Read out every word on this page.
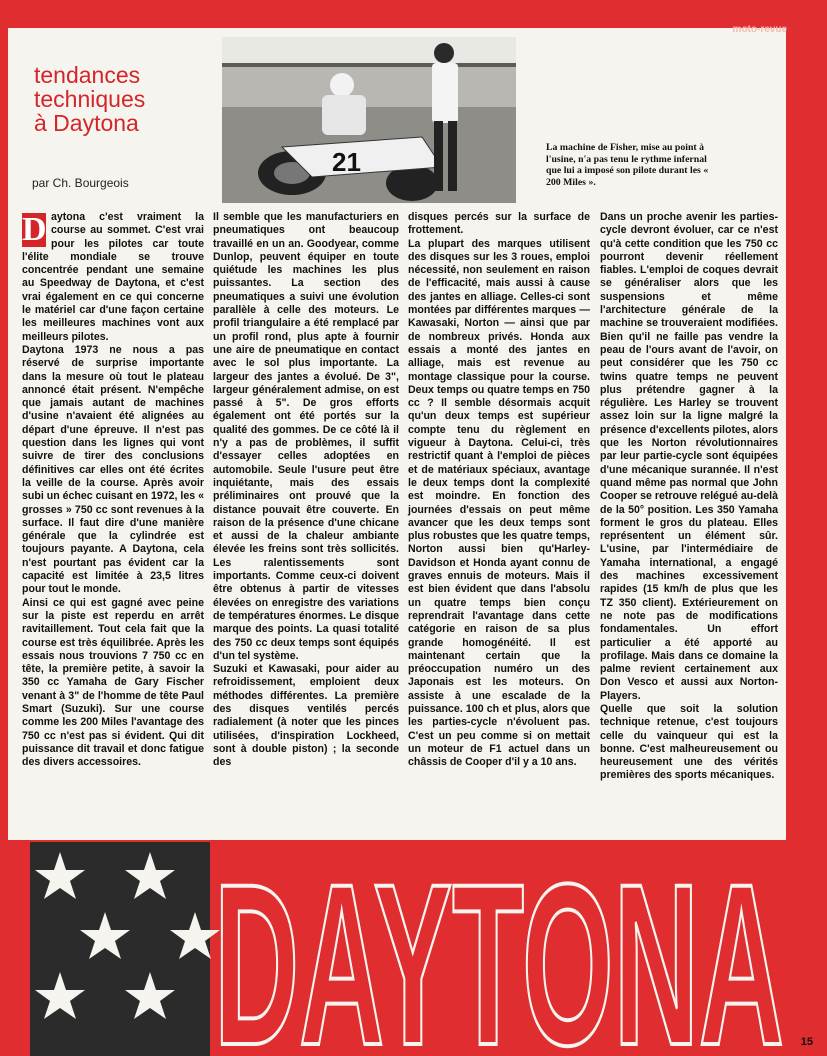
tendances
techniques
à Daytona
par Ch. Bourgeois
21	La machine de Fisher, mise au point à l'usine, n'a pas tenu le rythme infernal que lui a imposé son pilote durant les « 200 Miles ».

D aytona c'est vraiment la course au sommet. C'est vrai pour les pilotes car toute l'élite mondiale se trouve concentrée pendant une semaine au Speedway de Daytona, et c'est vrai également en ce qui concerne le matériel car d'une façon certaine les meilleures machines vont aux meilleurs pilotes.

Daytona 1973 ne nous a pas réservé de surprise importante dans la mesure où tout le plateau annoncé était présent. N'empêche que jamais autant de machines d'usine n'avaient été alignées au départ d'une épreuve. Il n'est pas question dans les lignes qui vont suivre de tirer des conclusions définitives car elles ont été écrites la veille de la course. Après avoir subi un échec cuisant en 1972, les « grosses » 750 cc sont revenues à la surface. Il faut dire d'une manière générale que la cylindrée est toujours payante. A Daytona, cela n'est pourtant pas évident car la capacité est limitée à 23,5 litres pour tout le monde.

Ainsi ce qui est gagné avec peine sur la piste est reperdu en arrêt ravitaillement. Tout cela fait que la course est très équilibrée. Après les essais nous trouvions 7 750 cc en tête, la première petite, à savoir la 350 cc Yamaha de Gary Fischer venant à 3" de l'homme de tête Paul Smart (Suzuki). Sur une course comme les 200 Miles l'avantage des 750 cc n'est pas si évident. Qui dit puissance dit travail et donc fatigue des divers accessoires.

Il semble que les manufacturiers en pneumatiques ont beaucoup travaillé en un an. Goodyear, comme Dunlop, peuvent équiper en toute quiétude les machines les plus puissantes. La section des pneumatiques a suivi une évolution parallèle à celle des moteurs. Le profil triangulaire a été remplacé par un profil rond, plus apte à fournir une aire de pneumatique en contact avec le sol plus importante. La largeur des jantes a évolué. De 3", largeur généralement admise, on est passé à 5". De gros efforts également ont été portés sur la qualité des gommes. De ce côté là il n'y a pas de problèmes, il suffit d'essayer celles adoptées en automobile. Seule l'usure peut être inquiétante, mais des essais préliminaires ont prouvé que la distance pouvait être couverte. En raison de la présence d'une chicane et aussi de la chaleur ambiante élevée les freins sont très sollicités. Les ralentissements sont importants. Comme ceux-ci doivent être obtenus à partir de vitesses élevées on enregistre des variations de températures énormes. Le disque marque des points. La quasi totalité des 750 cc deux temps sont équipés d'un tel système.

Suzuki et Kawasaki, pour aider au refroidissement, emploient deux méthodes différentes. La première des disques ventilés percés radialement (à noter que les pinces utilisées, d'inspiration Lockheed, sont à double piston) ; la seconde des

disques percés sur la surface de frottement.

La plupart des marques utilisent des disques sur les 3 roues, emploi nécessité, non seulement en raison de l'efficacité, mais aussi à cause des jantes en alliage. Celles-ci sont montées par différentes marques — Kawasaki, Norton — ainsi que par de nombreux privés. Honda aux essais a monté des jantes en alliage, mais est revenue au montage classique pour la course. Deux temps ou quatre temps en 750 cc ? Il semble désormais acquit qu'un deux temps est supérieur compte tenu du règlement en vigueur à Daytona. Celui-ci, très restrictif quant à l'emploi de pièces et de matériaux spéciaux, avantage le deux temps dont la complexité est moindre. En fonction des journées d'essais on peut même avancer que les deux temps sont plus robustes que les quatre temps, Norton aussi bien qu'Harley-Davidson et Honda ayant connu de graves ennuis de moteurs. Mais il est bien évident que dans l'absolu un quatre temps bien conçu reprendrait l'avantage dans cette catégorie en raison de sa plus grande homogénéité. Il est maintenant certain que la préoccupation numéro un des Japonais est les moteurs. On assiste à une escalade de la puissance. 100 ch et plus, alors que les parties-cycle n'évoluent pas. C'est un peu comme si on mettait un moteur de F1 actuel dans un châssis de Cooper d'il y a 10 ans.

Dans un proche avenir les parties-cycle devront évoluer, car ce n'est qu'à cette condition que les 750 cc pourront devenir réellement fiables. L'emploi de coques devrait se généraliser alors que les suspensions et même l'architecture générale de la machine se trouveraient modifiées. Bien qu'il ne faille pas vendre la peau de l'ours avant de l'avoir, on peut considérer que les 750 cc twins quatre temps ne peuvent plus prétendre gagner à la régulière. Les Harley se trouvent assez loin sur la ligne malgré la présence d'excellents pilotes, alors que les Norton révolutionnaires par leur partie-cycle sont équipées d'une mécanique surannée. Il n'est quand même pas normal que John Cooper se retrouve relégué au-delà de la 50° position. Les 350 Yamaha forment le gros du plateau. Elles représentent un élément sûr. L'usine, par l'intermédiaire de Yamaha international, a engagé des machines excessivement rapides (15 km/h de plus que les TZ 350 client). Extérieurement on ne note pas de modifications fondamentales. Un effort particulier a été apporté au profilage. Mais dans ce domaine la palme revient certainement aux Don Vesco et aussi aux Norton-Players.

Quelle que soit la solution technique retenue, c'est toujours celle du vainqueur qui est la bonne. C'est malheureusement ou heureusement une des vérités premières des sports mécaniques.

moto-revue
DAYTONA 15
